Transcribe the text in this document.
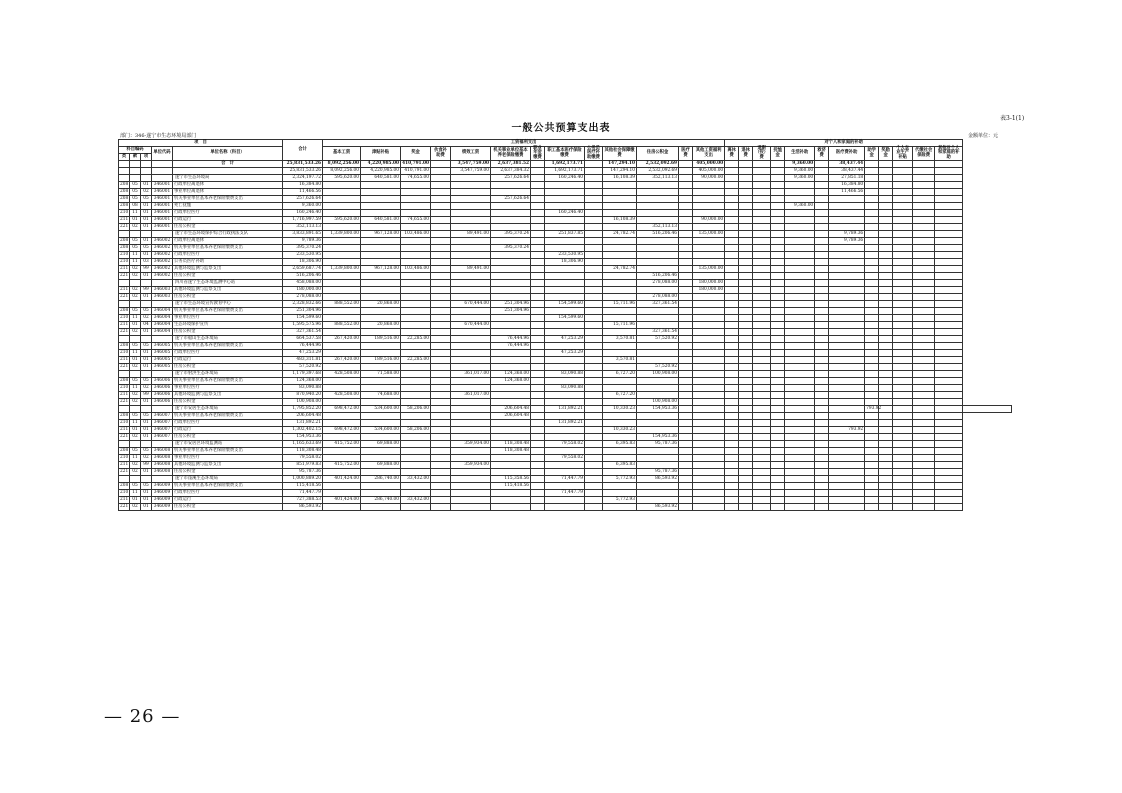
表3-1(1)
一般公共预算支出表
部门：346-遂宁市生态环境局部门	金额单位：元
项　目					合计	工资福利支出													对个人和家庭的补助												
科目编码			单位代码	单位名称（科目）		基本工资	津贴补贴	奖金	伙食补助费	绩效工资	机关事业单位基本养老保险缴费	职业年金缴费	职工基本医疗保险缴费	公务员医疗补助缴费	其他社会保障缴费	住房公积金	医疗费	其他工资福利支出	离休费	退休费	退职（役）费	抚恤金	生活补助	救济费	医疗费补助	助学金	奖励金	个人农业生产补贴	代缴社会保险费	其他对个人和家庭的补助	
类	款	项																													
				合　计	25,831,533.26	8,092,256.00	4,220,985.00	410,791.00		3,547,759.00	2,637,381.52		1,692,173.71		147,294.10	2,532,092.69		405,000.00					9,360.00		38,437.44						
					25,831,533.26	8,092,256.00	4,220,985.00	410,791.00		3,547,759.00	2,637,384.32		1,692,173.71		147,294.10	2,532,092.69		405,000.00					9,360.00		38,437.44						
				遂宁市生态环境局	2,324,197.72	595,620.00	640,581.00	74,655.00			257,626.64		160,246.40		16,108.39	352,113.13		90,000.00					9,360.00		27,851.18						
208	05	01	346001	行政单位离退休	16,384.80																				16,384.80						
208	05	02	346001	事业单位离退休	11,466.56																				11,466.56						
208	05	05	346001	机关事业单位基本养老保险缴费支出	257,626.64						257,626.64																				
208	08	01	346001	死亡抚恤	9,360.00																		9,360.00								
210	11	01	346001	行政单位医疗	160,246.40								160,246.40																		
211	01	01	346001	行政运行	1,716,997.59	595,620.00	640,581.00	74,655.00							16,108.39			90,000.00													
221	02	01	346001	住房公积金	352,113.13											352,113.13															
				遂宁市生态环境保护综合行政执法支队	3,833,891.65	1,339,800.00	967,128.00	103,486.00		89,491.00	395,370.24		251,837.85		24,782.74	516,206.46		135,000.00							9,789.36						
208	05	01	346002	行政单位离退休	9,789.36																				9,789.36						
208	05	05	346002	机关事业单位基本养老保险缴费支出	395,370.24						395,370.24																				
210	11	01	346002	行政单位医疗	233,530.95								233,530.95																		
210	11	03	346002	公务员医疗补助	18,306.90								18,306.90																		
211	02	99	346002	其他环境监测与监察支出	2,659,687.74	1,339,800.00	967,128.00	103,486.00		89,491.00					24,782.74			135,000.00													
221	02	01	346002	住房公积金	516,206.46											516,206.46															
				四川省遂宁生态环境监测中心站	458,088.00											278,088.00		180,000.00													
211	02	99	346003	其他环境监测与监察支出	180,000.00													180,000.00													
221	02	01	346003	住房公积金	278,088.00											278,088.00															
				遂宁市生态环境宣传教育中心	2,328,832.66	888,552.00	20,868.00			670,444.00	251,304.96		154,599.60		15,711.96	327,361.54															
208	05	05	346004	机关事业单位基本养老保险缴费支出	251,304.96						251,304.96																				
210	11	02	346004	事业单位医疗	154,599.60								154,599.60																		
211	01	04	346004	生态环境保护宣传	1,595,575.96	888,552.00	20,868.00			670,444.00					15,711.96																
221	02	01	346004	住房公积金	327,361.54											327,361.54															
				遂宁市船山生态环境局	664,537.58	267,420.00	189,516.00	22,285.00			76,444.96		47,253.29		3,570.81	57,520.92															
208	05	05	346005	机关事业单位基本养老保险缴费支出	76,444.96						76,444.96																				
210	11	01	346005	行政单位医疗	47,253.29								47,253.29																		
211	01	01	346005	行政运行	483,311.81	267,420.00	189,516.00	22,285.00							3,570.81																
221	02	01	346005	住房公积金	57,520.92											57,520.92															
				遂宁市射洪生态环境局	1,179,397.68	428,508.00	71,588.00			361,017.00	124,368.00		83,090.88		6,727.20	100,908.00															
208	05	05	346006	机关事业单位基本养老保险缴费支出	124,368.00						124,368.00																				
210	11	02	346006	事业单位医疗	83,090.88								83,090.88																		
211	02	99	346006	其他环境监测与监察支出	870,940.20	428,508.00	74,688.00			361,017.00					6,727.20																
221	02	01	346006	住房公积金	100,908.00											100,908.00															
				遂宁市安居生态环境局	1,795,852.20	698,472.00	534,600.00	58,206.00			206,604.48		131,892.21		10,330.23	154,953.36										793.92					
208	05	05	346007	机关事业单位基本养老保险缴费支出	206,604.48						206,604.48																				
210	11	01	346007	行政单位医疗	131,892.21								131,892.21																		
211	01	01	346007	行政运行	1,302,402.15	698,472.00	534,600.00	58,206.00							10,330.23										793.92						
221	02	01	346007	住房公积金	154,953.36											154,953.36															
				遂宁市安居区环境监测站	1,165,633.69	415,752.00	69,888.00			359,934.00	118,308.48		79,558.02		6,395.83	95,787.36															
208	05	05	346008	机关事业单位基本养老保险缴费支出	118,308.48						118,308.48																				
210	11	02	346008	事业单位医疗	79,558.02								79,558.02																		
211	02	99	346008	其他环境监测与监察支出	851,979.83	415,752.00	69,888.00			359,934.00					6,395.83																
221	02	01	346008	住房公积金	95,787.36											95,787.36															
				遂宁市蓬溪生态环境局	1,000,889.20	401,424.00	286,740.00	33,432.00			115,358.56		71,447.79		5,772.93	86,593.92															
208	05	05	346009	机关事业单位基本养老保险缴费支出	115,418.56						115,418.56																				
210	11	01	346009	行政单位医疗	71,447.79								71,447.79																		
211	01	01	346009	行政运行	727,388.53	401,424.00	286,740.00	33,432.00							5,772.93																
221	02	01	346009	住房公积金	86,593.92											86,593.92															
— 26 —
